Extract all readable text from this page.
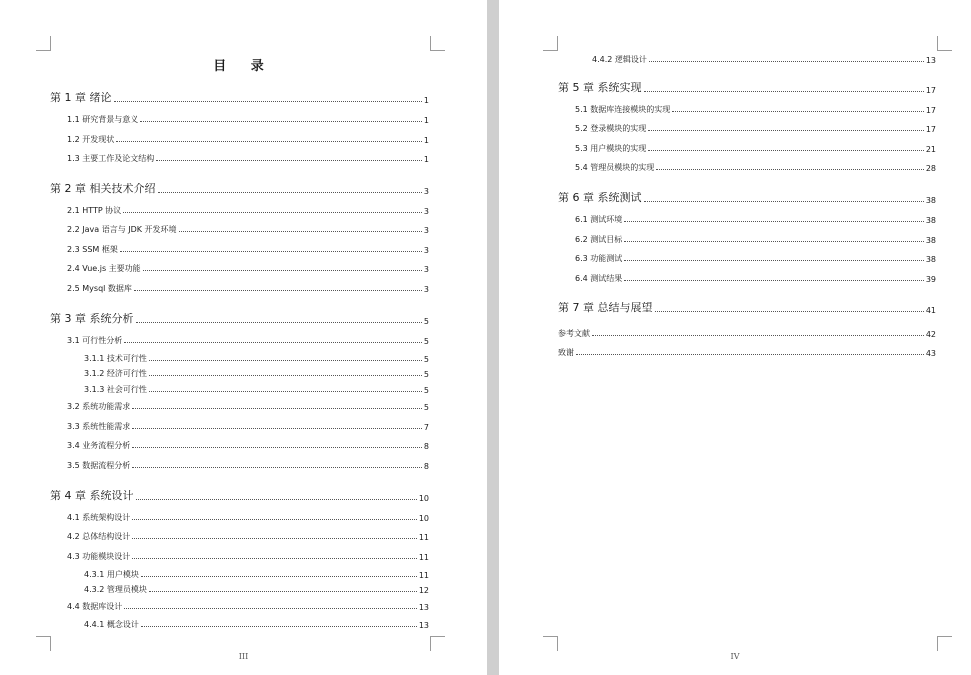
目 录
第 1 章 绪论	1
1.1 研究背景与意义	1
1.2 开发现状	1
1.3 主要工作及论文结构	1
第 2 章 相关技术介绍	3
2.1 HTTP 协议	3
2.2 Java 语言与 JDK 开发环境	3
2.3 SSM 框架	3
2.4 Vue.js 主要功能	3
2.5 Mysql 数据库	3
第 3 章 系统分析	5
3.1 可行性分析	5
3.1.1 技术可行性	5
3.1.2 经济可行性	5
3.1.3 社会可行性	5
3.2 系统功能需求	5
3.3 系统性能需求	7
3.4 业务流程分析	8
3.5 数据流程分析	8
第 4 章 系统设计	10
4.1 系统架构设计	10
4.2 总体结构设计	11
4.3 功能模块设计	11
4.3.1 用户模块	11
4.3.2 管理员模块	12
4.4 数据库设计	13
4.4.1 概念设计	13
III
4.4.2 逻辑设计	13
第 5 章 系统实现	17
5.1 数据库连接模块的实现	17
5.2 登录模块的实现	17
5.3 用户模块的实现	21
5.4 管理员模块的实现	28
第 6 章 系统测试	38
6.1 测试环境	38
6.2 测试目标	38
6.3 功能测试	38
6.4 测试结果	39
第 7 章 总结与展望	41
参考文献	42
致谢	43
IV
